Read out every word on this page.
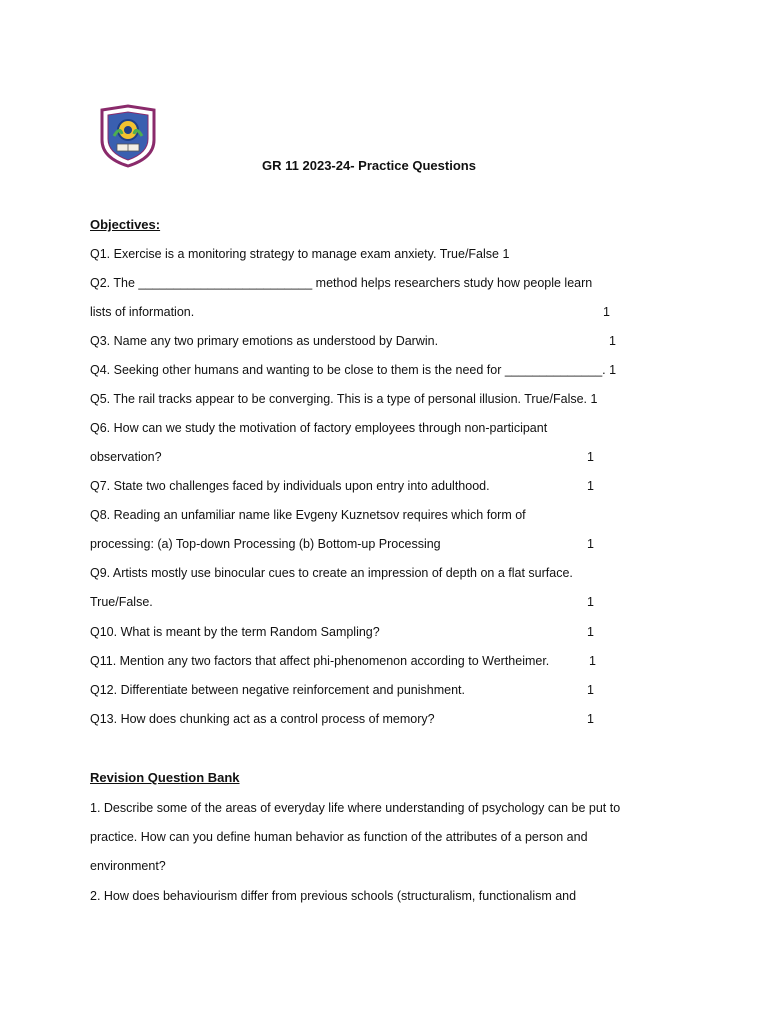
GR 11 2023-24- Practice Questions
Objectives:
Q1. Exercise is a monitoring strategy to manage exam anxiety. True/False 1
Q2. The _________________________ method helps researchers study how people learn
lists of information.	1
Q3. Name any two primary emotions as understood by Darwin.	1
Q4. Seeking other humans and wanting to be close to them is the need for ______________. 1
Q5. The rail tracks appear to be converging. This is a type of personal illusion. True/False. 1
Q6. How can we study the motivation of factory employees through non-participant
observation?	1
Q7. State two challenges faced by individuals upon entry into adulthood.	1
Q8. Reading an unfamiliar name like Evgeny Kuznetsov requires which form of
processing: (a) Top-down Processing (b) Bottom-up Processing	1
Q9. Artists mostly use binocular cues to create an impression of depth on a flat surface.
True/False.	1
Q10. What is meant by the term Random Sampling?	1
Q11. Mention any two factors that affect phi-phenomenon according to Wertheimer.	1
Q12. Differentiate between negative reinforcement and punishment.	1
Q13. How does chunking act as a control process of memory?	1
Revision Question Bank
1. Describe some of the areas of everyday life where understanding of psychology can be put to
practice. How can you define human behavior as function of the attributes of a person and
environment?
2. How does behaviourism differ from previous schools (structuralism, functionalism and
